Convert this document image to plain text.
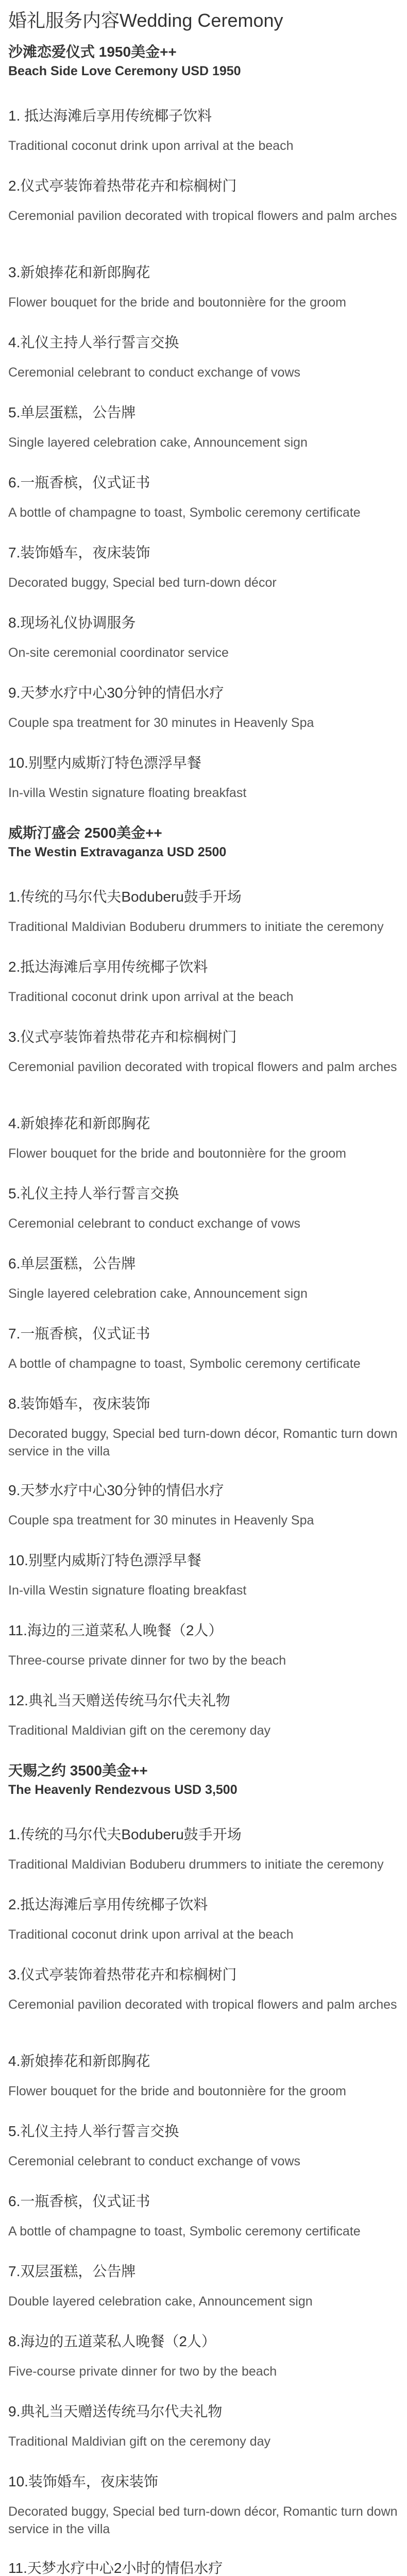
婚礼服务内容Wedding Ceremony
沙滩恋爱仪式 1950美金++
Beach Side Love Ceremony USD 1950
1. 抵达海滩后享用传统椰子饮料
Traditional coconut drink upon arrival at the beach
2.仪式亭装饰着热带花卉和棕榈树门
Ceremonial pavilion decorated with tropical flowers and palm arches
3.新娘捧花和新郎胸花
Flower bouquet for the bride and boutonnière for the groom
4.礼仪主持人举行誓言交换
Ceremonial celebrant to conduct exchange of vows
5.单层蛋糕，公告牌
Single layered celebration cake, Announcement sign
6.一瓶香槟，仪式证书
A bottle of champagne to toast, Symbolic ceremony certificate
7.装饰婚车，夜床装饰
Decorated buggy, Special bed turn-down décor
8.现场礼仪协调服务
On-site ceremonial coordinator service
9.天梦水疗中心30分钟的情侣水疗
Couple spa treatment for 30 minutes in Heavenly Spa
10.别墅内威斯汀特色漂浮早餐
In-villa Westin signature floating breakfast
威斯汀盛会 2500美金++
The Westin Extravaganza USD 2500
1.传统的马尔代夫Boduberu鼓手开场
Traditional Maldivian Boduberu drummers to initiate the ceremony
2.抵达海滩后享用传统椰子饮料
Traditional coconut drink upon arrival at the beach
3.仪式亭装饰着热带花卉和棕榈树门
Ceremonial pavilion decorated with tropical flowers and palm arches
4.新娘捧花和新郎胸花
Flower bouquet for the bride and boutonnière for the groom
5.礼仪主持人举行誓言交换
Ceremonial celebrant to conduct exchange of vows
6.单层蛋糕，公告牌
Single layered celebration cake, Announcement sign
7.一瓶香槟，仪式证书
A bottle of champagne to toast, Symbolic ceremony certificate
8.装饰婚车，夜床装饰
Decorated buggy, Special bed turn-down décor, Romantic turn down service in the villa
9.天梦水疗中心30分钟的情侣水疗
Couple spa treatment for 30 minutes in Heavenly Spa
10.别墅内威斯汀特色漂浮早餐
In-villa Westin signature floating breakfast
11.海边的三道菜私人晚餐（2人）
Three-course private dinner for two by the beach
12.典礼当天赠送传统马尔代夫礼物
Traditional Maldivian gift on the ceremony day
天赐之约 3500美金++
The Heavenly Rendezvous USD 3,500
1.传统的马尔代夫Boduberu鼓手开场
Traditional Maldivian Boduberu drummers to initiate the ceremony
2.抵达海滩后享用传统椰子饮料
Traditional coconut drink upon arrival at the beach
3.仪式亭装饰着热带花卉和棕榈树门
Ceremonial pavilion decorated with tropical flowers and palm arches
4.新娘捧花和新郎胸花
Flower bouquet for the bride and boutonnière for the groom
5.礼仪主持人举行誓言交换
Ceremonial celebrant to conduct exchange of vows
6.一瓶香槟，仪式证书
A bottle of champagne to toast, Symbolic ceremony certificate
7.双层蛋糕，公告牌
Double layered celebration cake, Announcement sign
8.海边的五道菜私人晚餐（2人）
Five-course private dinner for two by the beach
9.典礼当天赠送传统马尔代夫礼物
Traditional Maldivian gift on the ceremony day
10.装饰婚车，夜床装饰
Decorated buggy, Special bed turn-down décor, Romantic turn down service in the villa
11.天梦水疗中心2小时的情侣水疗
